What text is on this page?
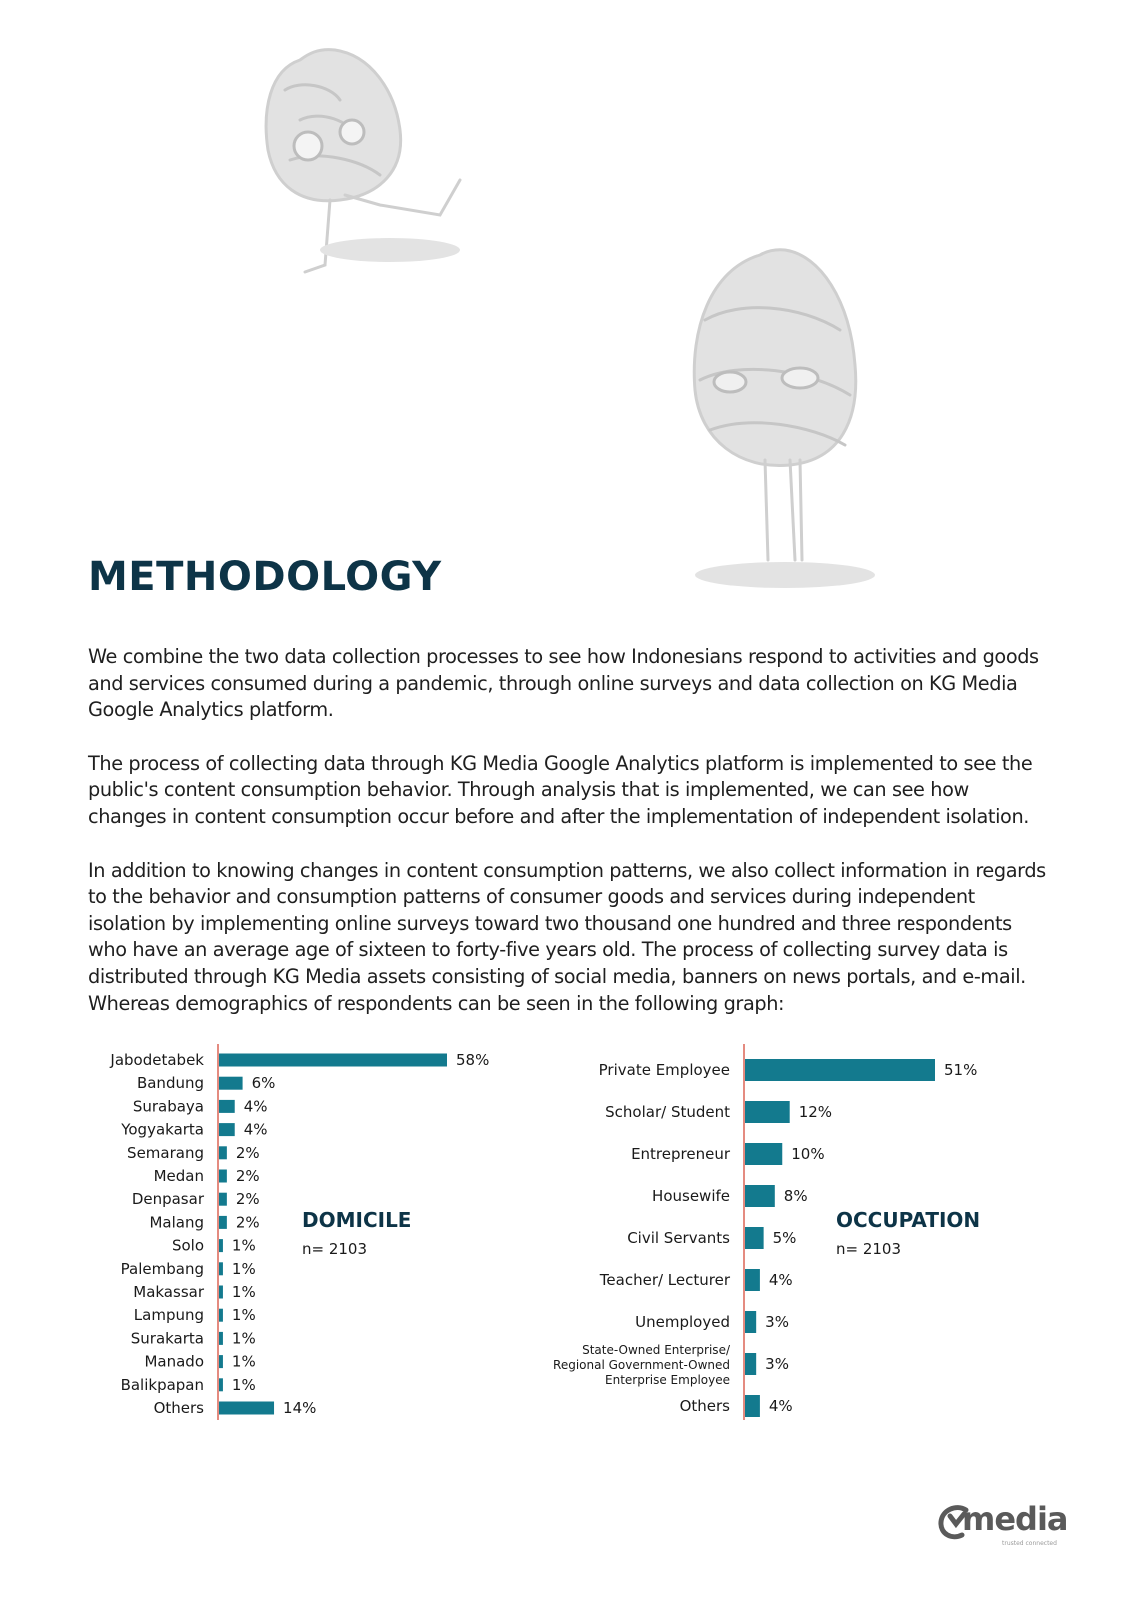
METHODOLOGY

We combine the two data collection processes to see how Indonesians respond to activities and goods and services consumed during a pandemic, through online surveys and data collection on KG Media Google Analytics platform.

The process of collecting data through KG Media Google Analytics platform is implemented to see the public's content consumption behavior. Through analysis that is implemented, we can see how changes in content consumption occur before and after the implementation of independent isolation.

In addition to knowing changes in content consumption patterns, we also collect information in regards to the behavior and consumption patterns of consumer goods and services during independent isolation by implementing online surveys toward two thousand one hundred and three respondents who have an average age of sixteen to forty-five years old. The process of collecting survey data is distributed through KG Media assets consisting of social media, banners on news portals, and e-mail. Whereas demographics of respondents can be seen in the following graph:

DOMICILE
n= 2103
58%
Jabodetabek
6%
Bandung
4%
Surabaya
4%
Yogyakarta
2%
Semarang
2%
Medan
2%
Denpasar
2%
Malang
1%
Solo
1%
Palembang
1%
Makassar
1%
Lampung
1%
Surakarta
1%
Manado
1%
Balikpapan
14%
Others
OCCUPATION
n= 2103
51%
Private Employee
12%
Scholar/ Student
10%
Entrepreneur
8%
Housewife
5%
Civil Servants
4%
Teacher/ Lecturer
3%
Unemployed
3%
State-Owned Enterprise/ Regional Government-Owned Enterprise Employee
4%
Others
media
trusted connected
